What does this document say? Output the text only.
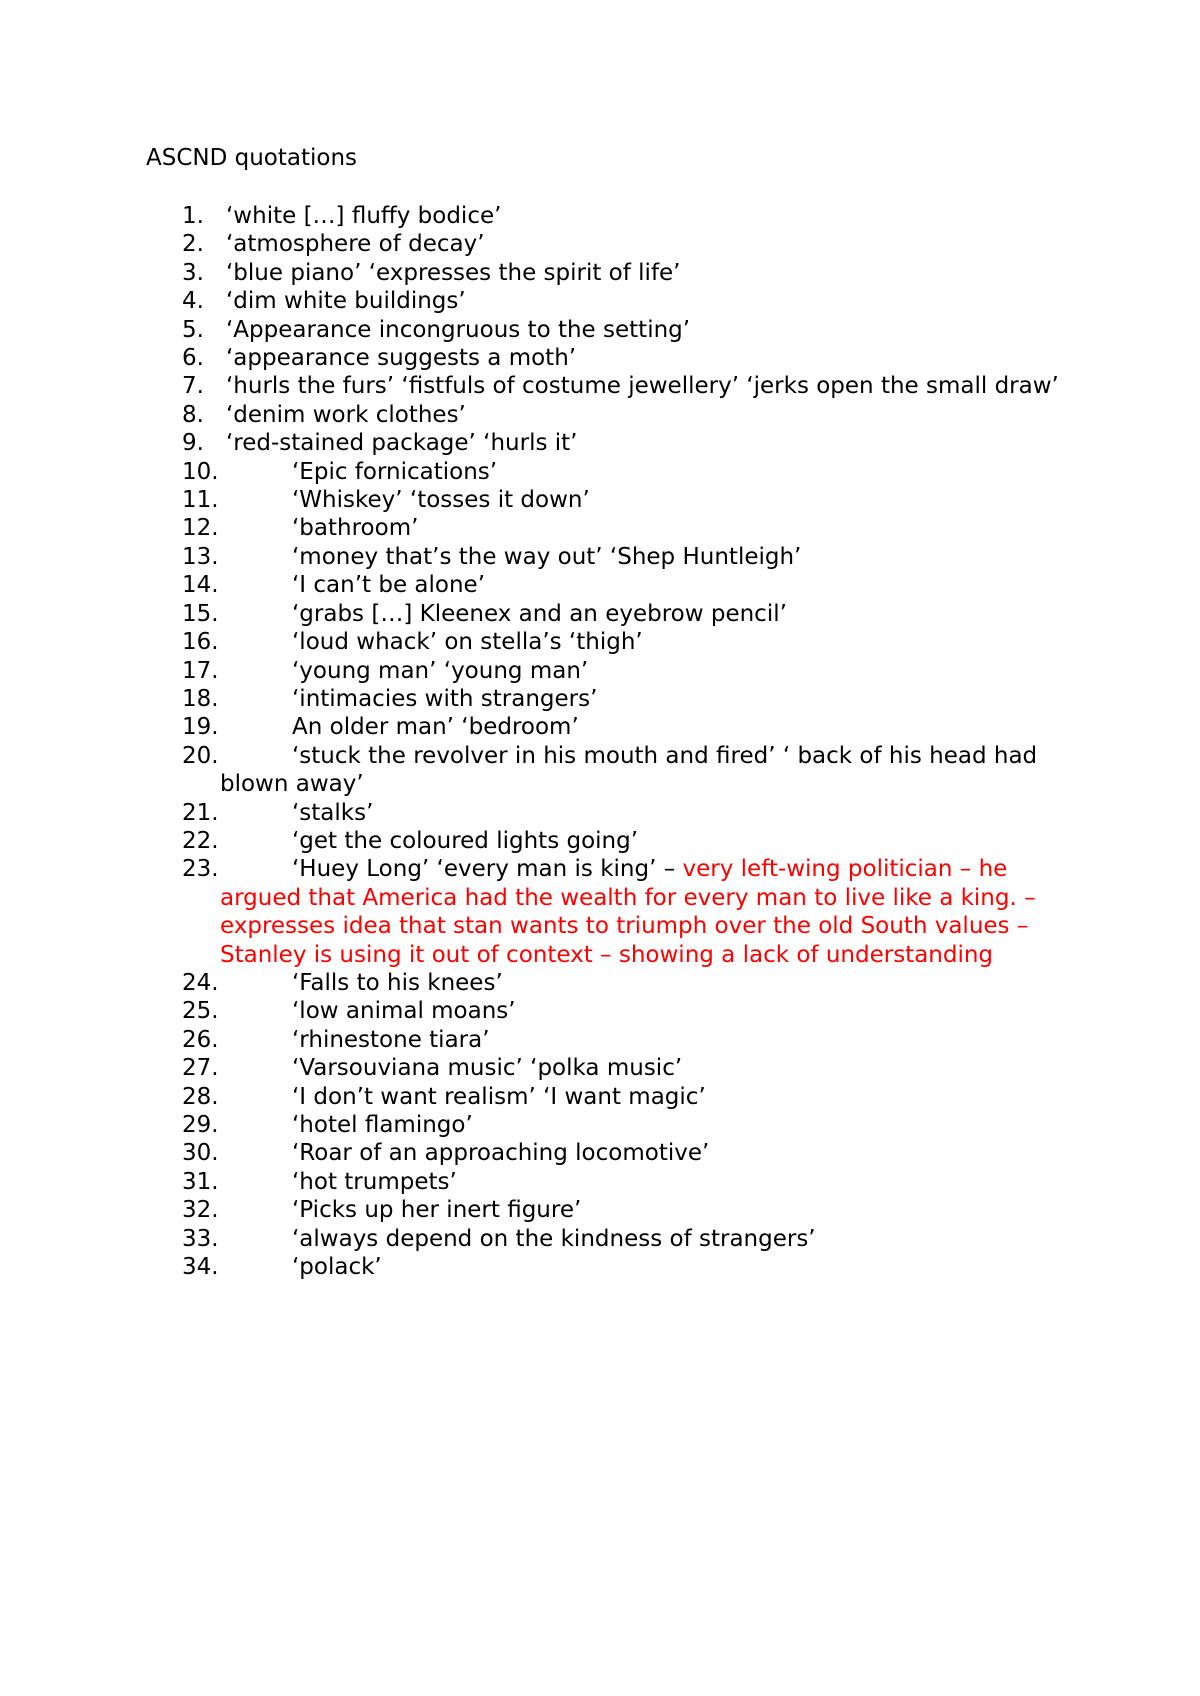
ASCND quotations
1. ‘white […] fluffy bodice’
2. ‘atmosphere of decay’
3. ‘blue piano’ ‘expresses the spirit of life’
4. ‘dim white buildings’
5. ‘Appearance incongruous to the setting’
6. ‘appearance suggests a moth’
7. ‘hurls the furs’ ‘fistfuls of costume jewellery’ ‘jerks open the small draw’
8. ‘denim work clothes’
9. ‘red-stained package’ ‘hurls it’
10.	‘Epic fornications’
11.	‘Whiskey’ ‘tosses it down’
12.	‘bathroom’
13.	‘money that’s the way out’ ‘Shep Huntleigh’
14.	‘I can’t be alone’
15.	‘grabs […] Kleenex and an eyebrow pencil’
16.	‘loud whack’ on stella’s ‘thigh’
17.	‘young man’ ‘young man’
18.	‘intimacies with strangers’
19.	An older man’ ‘bedroom’
20.	‘stuck the revolver in his mouth and fired’ ‘ back of his head had blown away’
21.	‘stalks’
22.	‘get the coloured lights going’
23.	‘Huey Long’ ‘every man is king’ – very left-wing politician – he argued that America had the wealth for every man to live like a king. – expresses idea that stan wants to triumph over the old South values – Stanley is using it out of context – showing a lack of understanding
24.	‘Falls to his knees’
25.	‘low animal moans’
26.	‘rhinestone tiara’
27.	‘Varsouviana music’ ‘polka music’
28.	‘I don’t want realism’ ‘I want magic’
29.	‘hotel flamingo’
30.	‘Roar of an approaching locomotive’
31.	‘hot trumpets’
32.	‘Picks up her inert figure’
33.	‘always depend on the kindness of strangers’
34.	‘polack’
